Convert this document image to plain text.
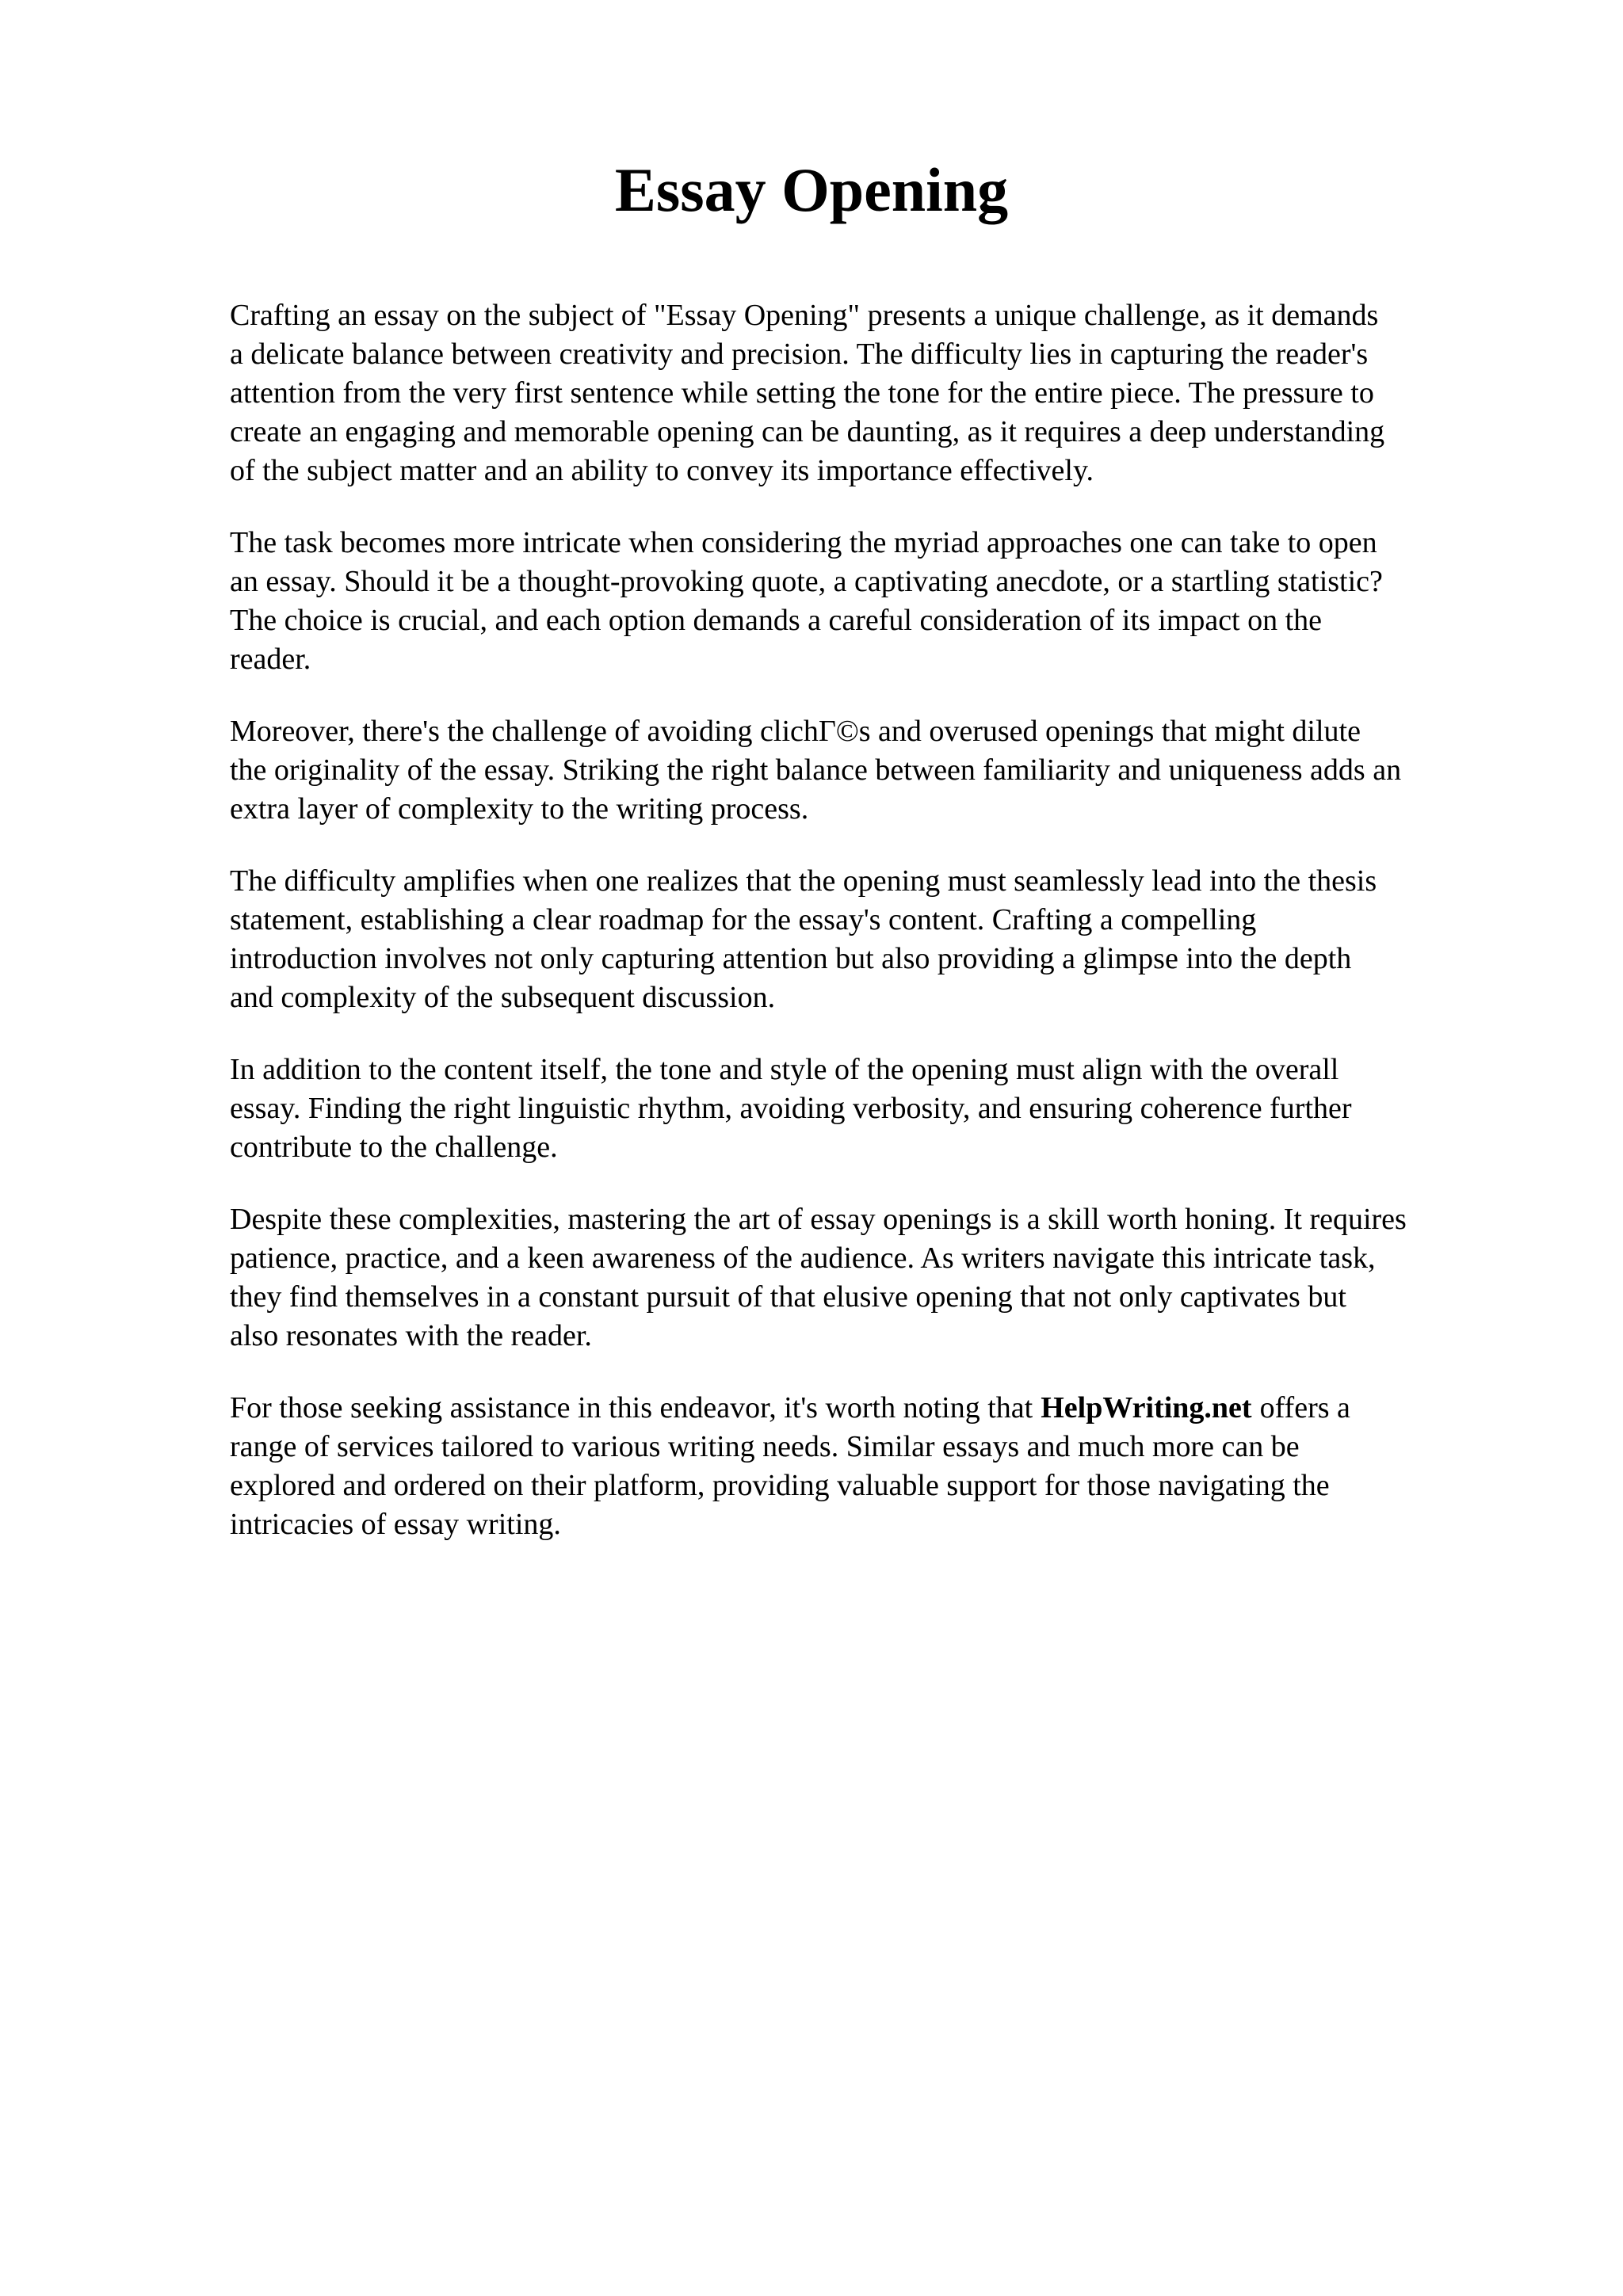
Essay Opening

Crafting an essay on the subject of "Essay Opening" presents a unique challenge, as it demands
a delicate balance between creativity and precision. The difficulty lies in capturing the reader's
attention from the very first sentence while setting the tone for the entire piece. The pressure to
create an engaging and memorable opening can be daunting, as it requires a deep understanding
of the subject matter and an ability to convey its importance effectively.

The task becomes more intricate when considering the myriad approaches one can take to open
an essay. Should it be a thought-provoking quote, a captivating anecdote, or a startling statistic?
The choice is crucial, and each option demands a careful consideration of its impact on the
reader.

Moreover, there's the challenge of avoiding clichГ©s and overused openings that might dilute
the originality of the essay. Striking the right balance between familiarity and uniqueness adds an
extra layer of complexity to the writing process.

The difficulty amplifies when one realizes that the opening must seamlessly lead into the thesis
statement, establishing a clear roadmap for the essay's content. Crafting a compelling
introduction involves not only capturing attention but also providing a glimpse into the depth
and complexity of the subsequent discussion.

In addition to the content itself, the tone and style of the opening must align with the overall
essay. Finding the right linguistic rhythm, avoiding verbosity, and ensuring coherence further
contribute to the challenge.

Despite these complexities, mastering the art of essay openings is a skill worth honing. It requires
patience, practice, and a keen awareness of the audience. As writers navigate this intricate task,
they find themselves in a constant pursuit of that elusive opening that not only captivates but
also resonates with the reader.

For those seeking assistance in this endeavor, it's worth noting that HelpWriting.net offers a
range of services tailored to various writing needs. Similar essays and much more can be
explored and ordered on their platform, providing valuable support for those navigating the
intricacies of essay writing.
